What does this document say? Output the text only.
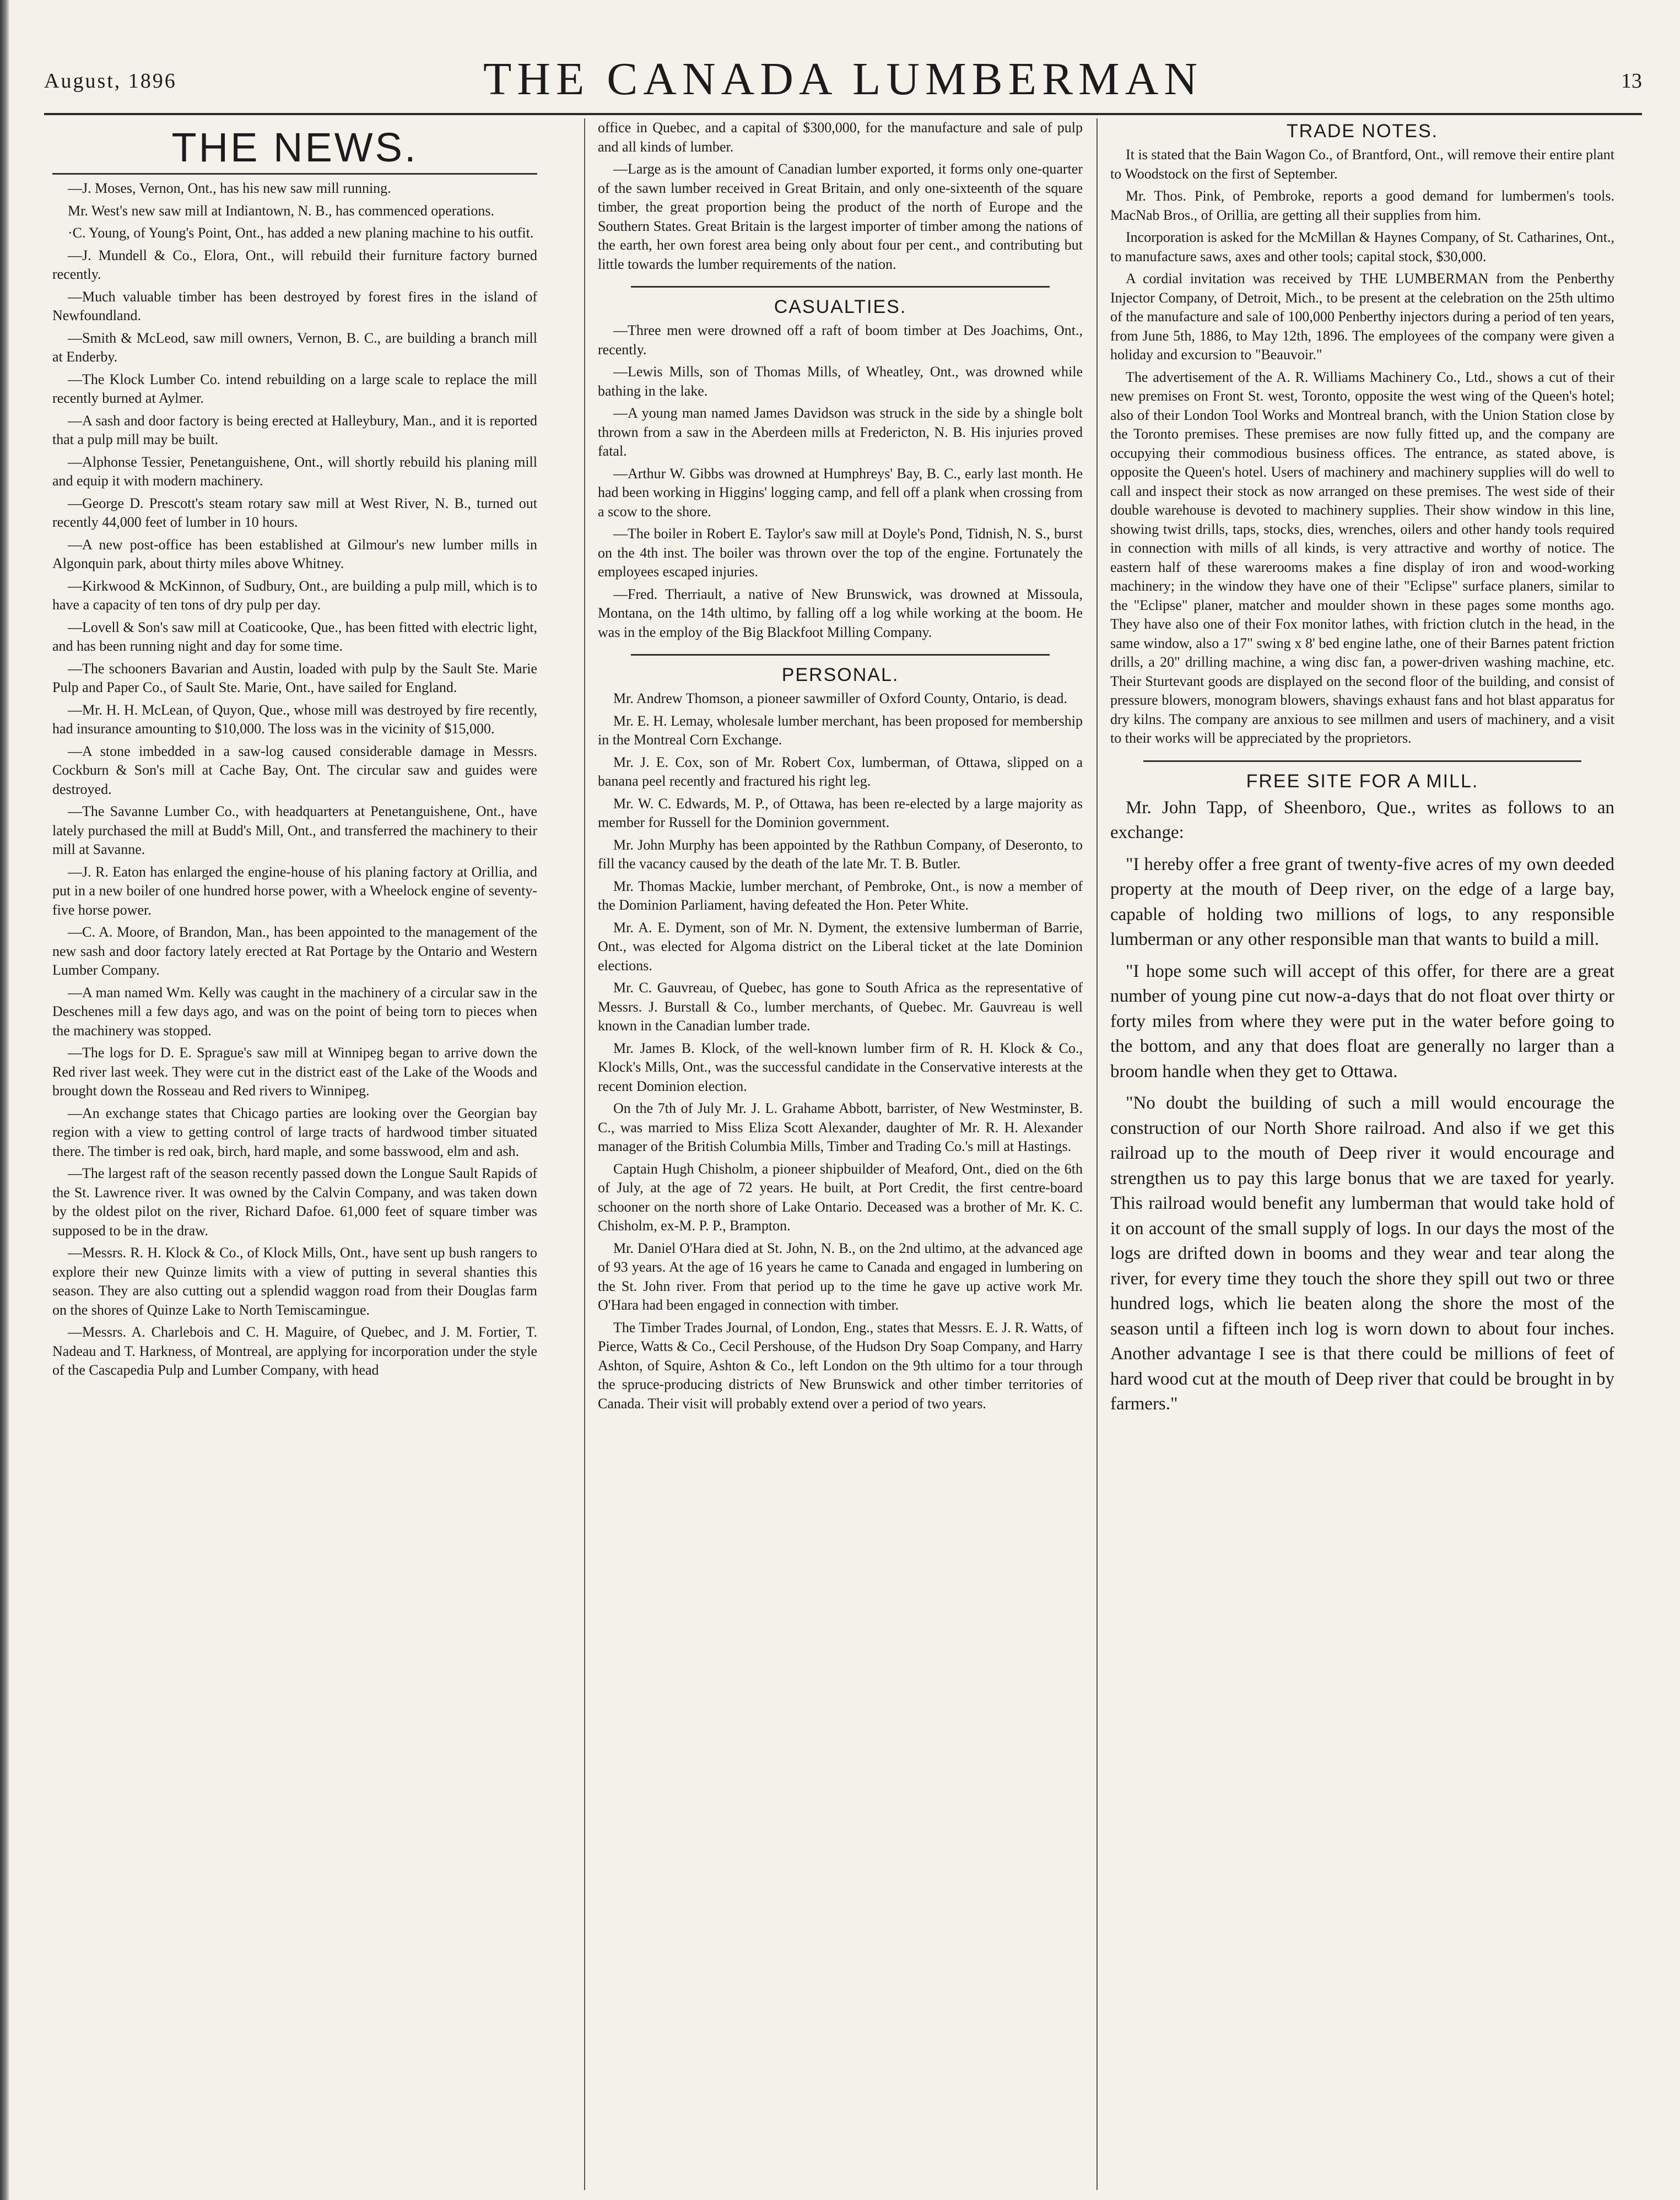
August, 1896	THE CANADA LUMBERMAN	13
THE NEWS.

—J. Moses, Vernon, Ont., has his new saw mill running.

Mr. West's new saw mill at Indiantown, N. B., has commenced operations.

·C. Young, of Young's Point, Ont., has added a new planing machine to his outfit.

—J. Mundell & Co., Elora, Ont., will rebuild their furniture factory burned recently.

—Much valuable timber has been destroyed by forest fires in the island of Newfoundland.

—Smith & McLeod, saw mill owners, Vernon, B. C., are building a branch mill at Enderby.

—The Klock Lumber Co. intend rebuilding on a large scale to replace the mill recently burned at Aylmer.

—A sash and door factory is being erected at Halleybury, Man., and it is reported that a pulp mill may be built.

—Alphonse Tessier, Penetanguishene, Ont., will shortly rebuild his planing mill and equip it with modern machinery.

—George D. Prescott's steam rotary saw mill at West River, N. B., turned out recently 44,000 feet of lumber in 10 hours.

—A new post-office has been established at Gilmour's new lumber mills in Algonquin park, about thirty miles above Whitney.

—Kirkwood & McKinnon, of Sudbury, Ont., are building a pulp mill, which is to have a capacity of ten tons of dry pulp per day.

—Lovell & Son's saw mill at Coaticooke, Que., has been fitted with electric light, and has been running night and day for some time.

—The schooners Bavarian and Austin, loaded with pulp by the Sault Ste. Marie Pulp and Paper Co., of Sault Ste. Marie, Ont., have sailed for England.

—Mr. H. H. McLean, of Quyon, Que., whose mill was destroyed by fire recently, had insurance amounting to $10,000. The loss was in the vicinity of $15,000.

—A stone imbedded in a saw-log caused considerable damage in Messrs. Cockburn & Son's mill at Cache Bay, Ont. The circular saw and guides were destroyed.

—The Savanne Lumber Co., with headquarters at Penetanguishene, Ont., have lately purchased the mill at Budd's Mill, Ont., and transferred the machinery to their mill at Savanne.

—J. R. Eaton has enlarged the engine-house of his planing factory at Orillia, and put in a new boiler of one hundred horse power, with a Wheelock engine of seventy-five horse power.

—C. A. Moore, of Brandon, Man., has been appointed to the management of the new sash and door factory lately erected at Rat Portage by the Ontario and Western Lumber Company.

—A man named Wm. Kelly was caught in the machinery of a circular saw in the Deschenes mill a few days ago, and was on the point of being torn to pieces when the machinery was stopped.

—The logs for D. E. Sprague's saw mill at Winnipeg began to arrive down the Red river last week. They were cut in the district east of the Lake of the Woods and brought down the Rosseau and Red rivers to Winnipeg.

—An exchange states that Chicago parties are looking over the Georgian bay region with a view to getting control of large tracts of hardwood timber situated there. The timber is red oak, birch, hard maple, and some basswood, elm and ash.

—The largest raft of the season recently passed down the Longue Sault Rapids of the St. Lawrence river. It was owned by the Calvin Company, and was taken down by the oldest pilot on the river, Richard Dafoe. 61,000 feet of square timber was supposed to be in the draw.

—Messrs. R. H. Klock & Co., of Klock Mills, Ont., have sent up bush rangers to explore their new Quinze limits with a view of putting in several shanties this season. They are also cutting out a splendid waggon road from their Douglas farm on the shores of Quinze Lake to North Temiscamingue.

—Messrs. A. Charlebois and C. H. Maguire, of Quebec, and J. M. Fortier, T. Nadeau and T. Harkness, of Montreal, are applying for incorporation under the style of the Cascapedia Pulp and Lumber Company, with head

office in Quebec, and a capital of $300,000, for the manufacture and sale of pulp and all kinds of lumber.

—Large as is the amount of Canadian lumber exported, it forms only one-quarter of the sawn lumber received in Great Britain, and only one-sixteenth of the square timber, the great proportion being the product of the north of Europe and the Southern States. Great Britain is the largest importer of timber among the nations of the earth, her own forest area being only about four per cent., and contributing but little towards the lumber requirements of the nation.

CASUALTIES.

—Three men were drowned off a raft of boom timber at Des Joachims, Ont., recently.

—Lewis Mills, son of Thomas Mills, of Wheatley, Ont., was drowned while bathing in the lake.

—A young man named James Davidson was struck in the side by a shingle bolt thrown from a saw in the Aberdeen mills at Fredericton, N. B. His injuries proved fatal.

—Arthur W. Gibbs was drowned at Humphreys' Bay, B. C., early last month. He had been working in Higgins' logging camp, and fell off a plank when crossing from a scow to the shore.

—The boiler in Robert E. Taylor's saw mill at Doyle's Pond, Tidnish, N. S., burst on the 4th inst. The boiler was thrown over the top of the engine. Fortunately the employees escaped injuries.

—Fred. Therriault, a native of New Brunswick, was drowned at Missoula, Montana, on the 14th ultimo, by falling off a log while working at the boom. He was in the employ of the Big Blackfoot Milling Company.

PERSONAL.

Mr. Andrew Thomson, a pioneer sawmiller of Oxford County, Ontario, is dead.

Mr. E. H. Lemay, wholesale lumber merchant, has been proposed for membership in the Montreal Corn Exchange.

Mr. J. E. Cox, son of Mr. Robert Cox, lumberman, of Ottawa, slipped on a banana peel recently and fractured his right leg.

Mr. W. C. Edwards, M. P., of Ottawa, has been re-elected by a large majority as member for Russell for the Dominion government.

Mr. John Murphy has been appointed by the Rathbun Company, of Deseronto, to fill the vacancy caused by the death of the late Mr. T. B. Butler.

Mr. Thomas Mackie, lumber merchant, of Pembroke, Ont., is now a member of the Dominion Parliament, having defeated the Hon. Peter White.

Mr. A. E. Dyment, son of Mr. N. Dyment, the extensive lumberman of Barrie, Ont., was elected for Algoma district on the Liberal ticket at the late Dominion elections.

Mr. C. Gauvreau, of Quebec, has gone to South Africa as the representative of Messrs. J. Burstall & Co., lumber merchants, of Quebec. Mr. Gauvreau is well known in the Canadian lumber trade.

Mr. James B. Klock, of the well-known lumber firm of R. H. Klock & Co., Klock's Mills, Ont., was the successful candidate in the Conservative interests at the recent Dominion election.

On the 7th of July Mr. J. L. Grahame Abbott, barrister, of New Westminster, B. C., was married to Miss Eliza Scott Alexander, daughter of Mr. R. H. Alexander manager of the British Columbia Mills, Timber and Trading Co.'s mill at Hastings.

Captain Hugh Chisholm, a pioneer shipbuilder of Meaford, Ont., died on the 6th of July, at the age of 72 years. He built, at Port Credit, the first centre-board schooner on the north shore of Lake Ontario. Deceased was a brother of Mr. K. C. Chisholm, ex-M. P. P., Brampton.

Mr. Daniel O'Hara died at St. John, N. B., on the 2nd ultimo, at the advanced age of 93 years. At the age of 16 years he came to Canada and engaged in lumbering on the St. John river. From that period up to the time he gave up active work Mr. O'Hara had been engaged in connection with timber.

The Timber Trades Journal, of London, Eng., states that Messrs. E. J. R. Watts, of Pierce, Watts & Co., Cecil Pershouse, of the Hudson Dry Soap Company, and Harry Ashton, of Squire, Ashton & Co., left London on the 9th ultimo for a tour through the spruce-producing districts of New Brunswick and other timber territories of Canada. Their visit will probably extend over a period of two years.

TRADE NOTES.

It is stated that the Bain Wagon Co., of Brantford, Ont., will remove their entire plant to Woodstock on the first of September.

Mr. Thos. Pink, of Pembroke, reports a good demand for lumbermen's tools. MacNab Bros., of Orillia, are getting all their supplies from him.

Incorporation is asked for the McMillan & Haynes Company, of St. Catharines, Ont., to manufacture saws, axes and other tools; capital stock, $30,000.

A cordial invitation was received by THE LUMBERMAN from the Penberthy Injector Company, of Detroit, Mich., to be present at the celebration on the 25th ultimo of the manufacture and sale of 100,000 Penberthy injectors during a period of ten years, from June 5th, 1886, to May 12th, 1896. The employees of the company were given a holiday and excursion to "Beauvoir."

The advertisement of the A. R. Williams Machinery Co., Ltd., shows a cut of their new premises on Front St. west, Toronto, opposite the west wing of the Queen's hotel; also of their London Tool Works and Montreal branch, with the Union Station close by the Toronto premises. These premises are now fully fitted up, and the company are occupying their commodious business offices. The entrance, as stated above, is opposite the Queen's hotel. Users of machinery and machinery supplies will do well to call and inspect their stock as now arranged on these premises. The west side of their double warehouse is devoted to machinery supplies. Their show window in this line, showing twist drills, taps, stocks, dies, wrenches, oilers and other handy tools required in connection with mills of all kinds, is very attractive and worthy of notice. The eastern half of these warerooms makes a fine display of iron and wood-working machinery; in the window they have one of their "Eclipse" surface planers, similar to the "Eclipse" planer, matcher and moulder shown in these pages some months ago. They have also one of their Fox monitor lathes, with friction clutch in the head, in the same window, also a 17" swing x 8' bed engine lathe, one of their Barnes patent friction drills, a 20" drilling machine, a wing disc fan, a power-driven washing machine, etc. Their Sturtevant goods are displayed on the second floor of the building, and consist of pressure blowers, monogram blowers, shavings exhaust fans and hot blast apparatus for dry kilns. The company are anxious to see millmen and users of machinery, and a visit to their works will be appreciated by the proprietors.

FREE SITE FOR A MILL.

Mr. John Tapp, of Sheenboro, Que., writes as follows to an exchange:

"I hereby offer a free grant of twenty-five acres of my own deeded property at the mouth of Deep river, on the edge of a large bay, capable of holding two millions of logs, to any responsible lumberman or any other responsible man that wants to build a mill.

"I hope some such will accept of this offer, for there are a great number of young pine cut now-a-days that do not float over thirty or forty miles from where they were put in the water before going to the bottom, and any that does float are generally no larger than a broom handle when they get to Ottawa.

"No doubt the building of such a mill would encourage the construction of our North Shore railroad. And also if we get this railroad up to the mouth of Deep river it would encourage and strengthen us to pay this large bonus that we are taxed for yearly. This railroad would benefit any lumberman that would take hold of it on account of the small supply of logs. In our days the most of the logs are drifted down in booms and they wear and tear along the river, for every time they touch the shore they spill out two or three hundred logs, which lie beaten along the shore the most of the season until a fifteen inch log is worn down to about four inches. Another advantage I see is that there could be millions of feet of hard wood cut at the mouth of Deep river that could be brought in by farmers."
